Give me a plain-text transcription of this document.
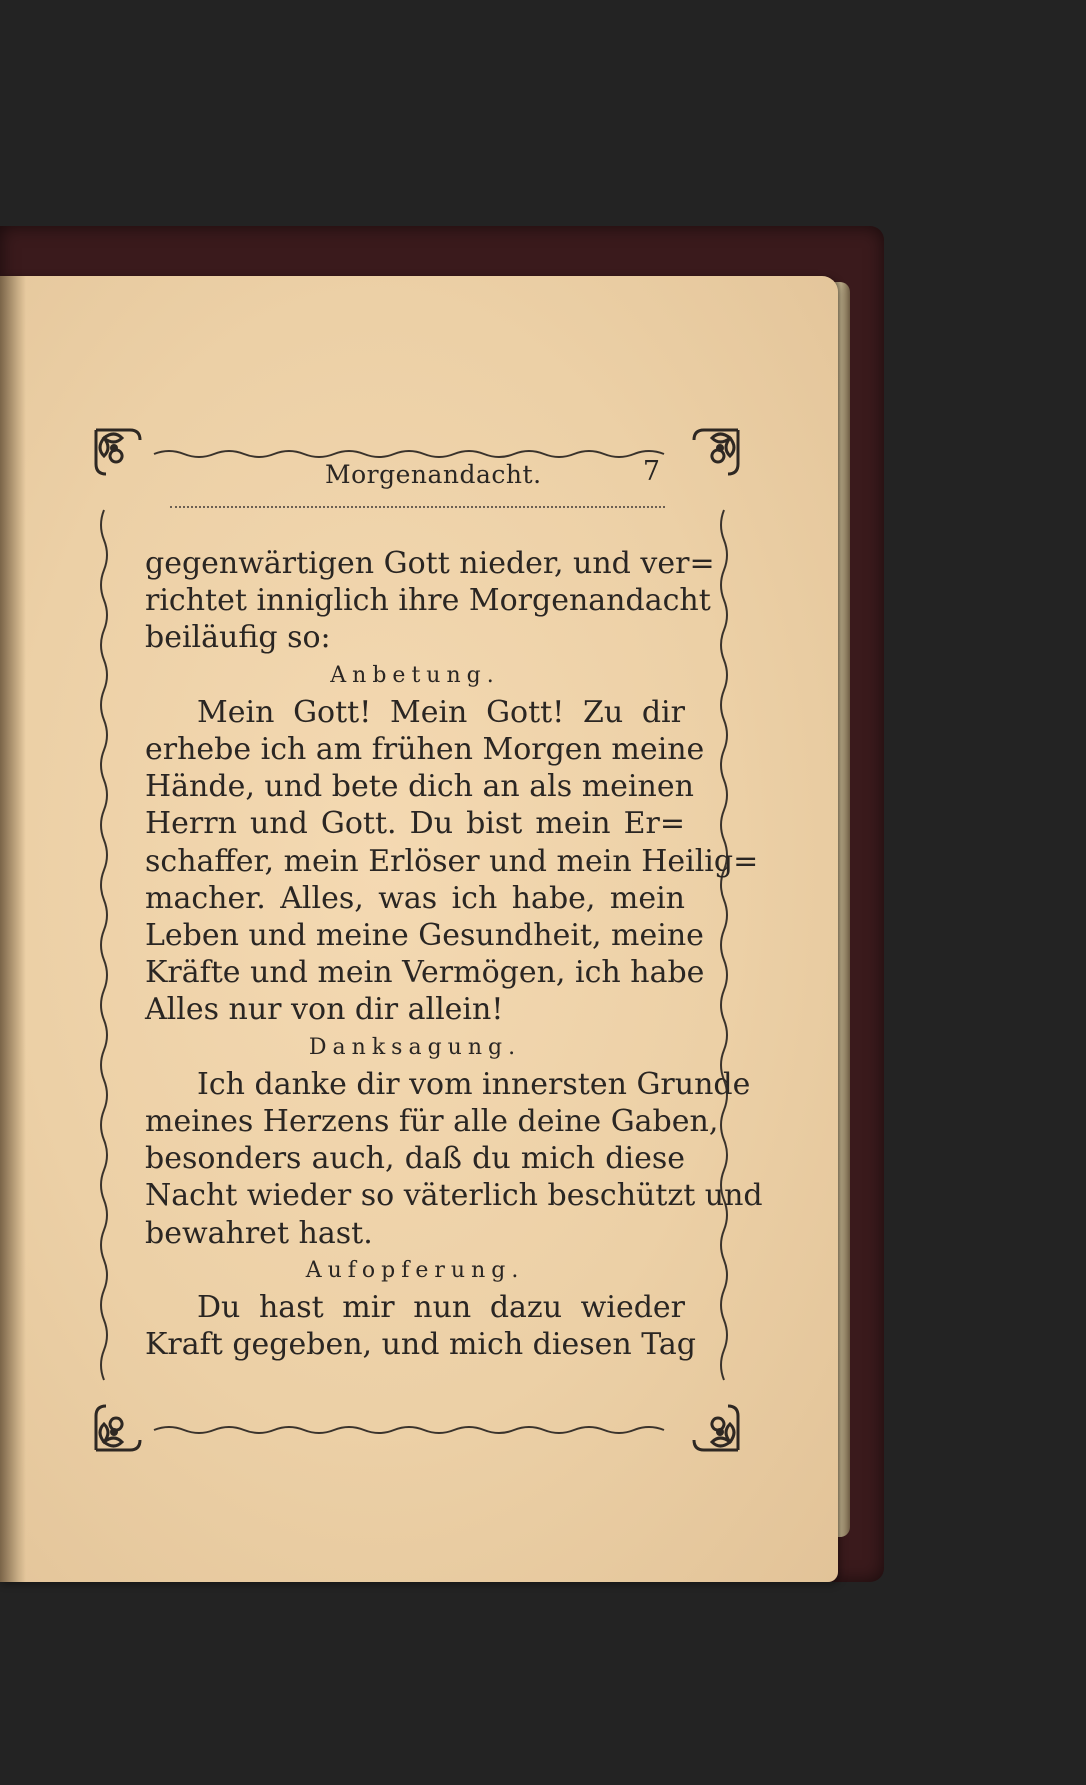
Morgenandacht.	7
gegenwärtigen Gott nieder, und ver=
richtet inniglich ihre Morgenandacht
beiläufig so:
Anbetung.
Mein Gott! Mein Gott! Zu dir
erhebe ich am frühen Morgen meine
Hände, und bete dich an als meinen
Herrn und Gott. Du bist mein Er=
schaffer, mein Erlöser und mein Heilig=
macher. Alles, was ich habe, mein
Leben und meine Gesundheit, meine
Kräfte und mein Vermögen, ich habe
Alles nur von dir allein!
Danksagung.
Ich danke dir vom innersten Grunde
meines Herzens für alle deine Gaben,
besonders auch, daß du mich diese
Nacht wieder so väterlich beschützt und
bewahret hast.
Aufopferung.
Du hast mir nun dazu wieder
Kraft gegeben, und mich diesen Tag
